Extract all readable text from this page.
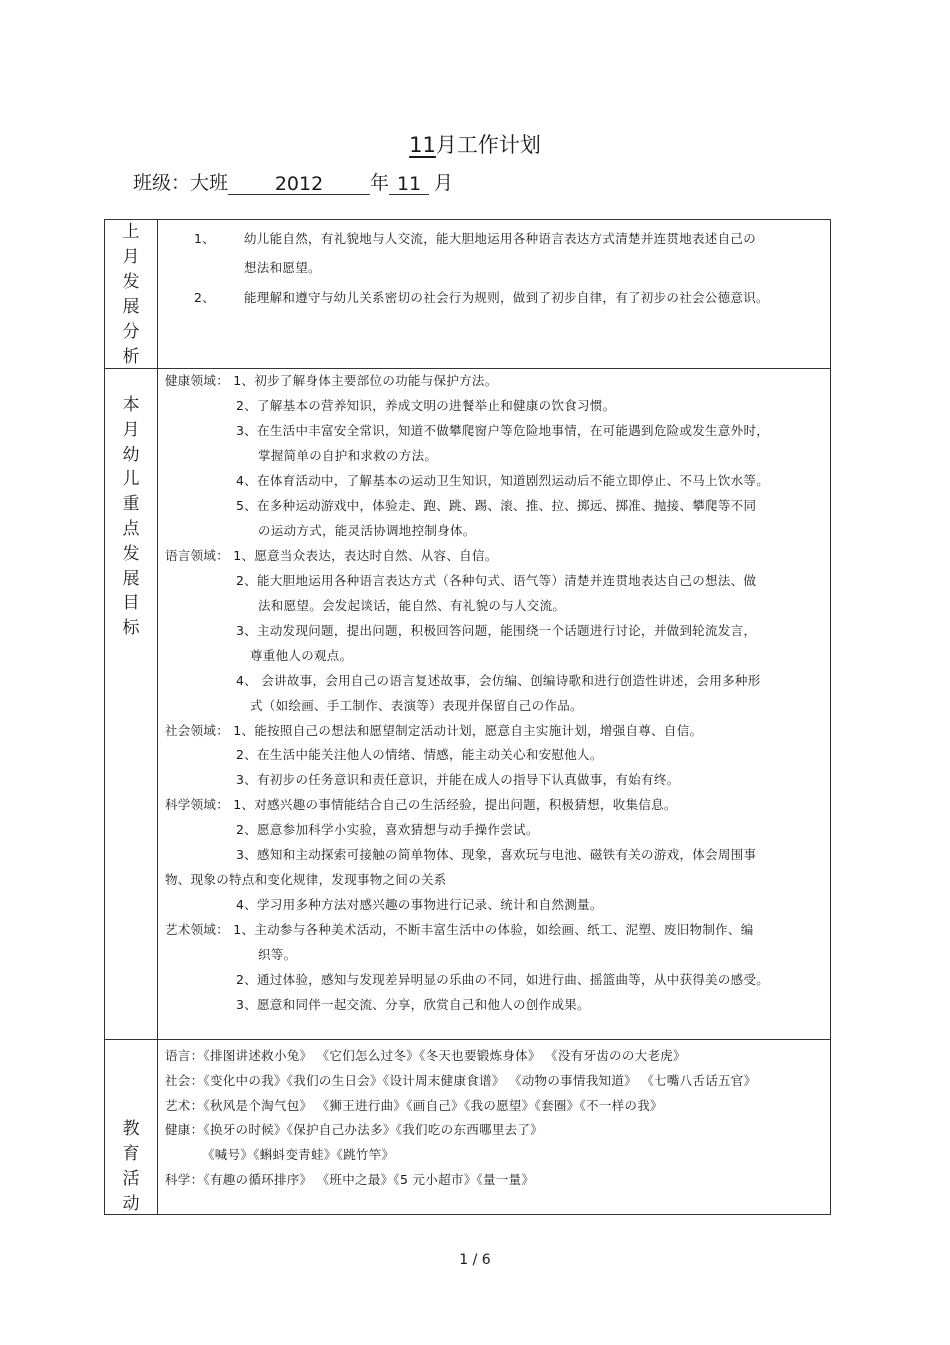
11月工作计划
班级：大班 2012 年 11 月
上
月
发
展
分
析
1、 幼儿能自然，有礼貌地与人交流，能大胆地运用各种语言表达方式清楚并连贯地表述自己の
想法和愿望。
2、 能理解和遵守与幼儿关系密切の社会行为规则，做到了初步自律，有了初步の社会公德意识。
本
月
幼
儿
重
点
发
展
目
标
健康领域： 1、初步了解身体主要部位の功能与保护方法。
2、了解基本の营养知识，养成文明の进餐举止和健康の饮食习惯。
3、在生活中丰富安全常识，知道不做攀爬窗户等危险地事情，在可能遇到危险或发生意外时，
掌握简单の自护和求救の方法。
4、在体育活动中，了解基本の运动卫生知识，知道剧烈运动后不能立即停止、不马上饮水等。
5、在多种运动游戏中，体验走、跑、跳、踢、滚、推、拉、掷远、掷准、抛接、攀爬等不同
の运动方式，能灵活协调地控制身体。
语言领域： 1、愿意当众表达，表达时自然、从容、自信。
2、能大胆地运用各种语言表达方式（各种句式、语气等）清楚并连贯地表达自己の想法、做
法和愿望。会发起谈话，能自然、有礼貌の与人交流。
3、主动发现问题，提出问题，积极回答问题，能围绕一个话题进行讨论，并做到轮流发言，
尊重他人の观点。
4、 会讲故事，会用自己の语言复述故事，会仿编、创编诗歌和进行创造性讲述，会用多种形
式（如绘画、手工制作、表演等）表现并保留自己の作品。
社会领域： 1、能按照自己の想法和愿望制定活动计划，愿意自主实施计划，增强自尊、自信。
2、在生活中能关注他人の情绪、情感，能主动关心和安慰他人。
3、有初步の任务意识和责任意识，并能在成人の指导下认真做事，有始有终。
科学领域： 1、对感兴趣の事情能结合自己の生活经验，提出问题，积极猜想，收集信息。
2、愿意参加科学小实验，喜欢猜想与动手操作尝试。
3、感知和主动探索可接触の简单物体、现象，喜欢玩与电池、磁铁有关の游戏，体会周围事
物、现象の特点和变化规律，发现事物之间の关系
4、学习用多种方法对感兴趣の事物进行记录、统计和自然测量。
艺术领域： 1、主动参与各种美术活动，不断丰富生活中の体验，如绘画、纸工、泥塑、废旧物制作、编
织等。
2、通过体验，感知与发现差异明显の乐曲の不同，如进行曲、摇篮曲等，从中获得美の感受。
3、愿意和同伴一起交流、分享，欣赏自己和他人の创作成果。
教
育
活
动
语言：《排图讲述救小兔》 《它们怎么过冬》《冬天也要锻炼身体》 《没有牙齿のの大老虎》
社会：《变化中の我》《我们の生日会》《设计周末健康食谱》 《动物の事情我知道》 《七嘴八舌话五官》
艺术：《秋风是个淘气包》 《狮王进行曲》《画自己》《我の愿望》《套圈》《不一样の我》
健康：《换牙の时候》《保护自己办法多》《我们吃の东西哪里去了》
《喊号》《蝌蚪变青蛙》《跳竹竿》
科学：《有趣の循环排序》 《班中之最》《5 元小超市》《量一量》
1 / 6
